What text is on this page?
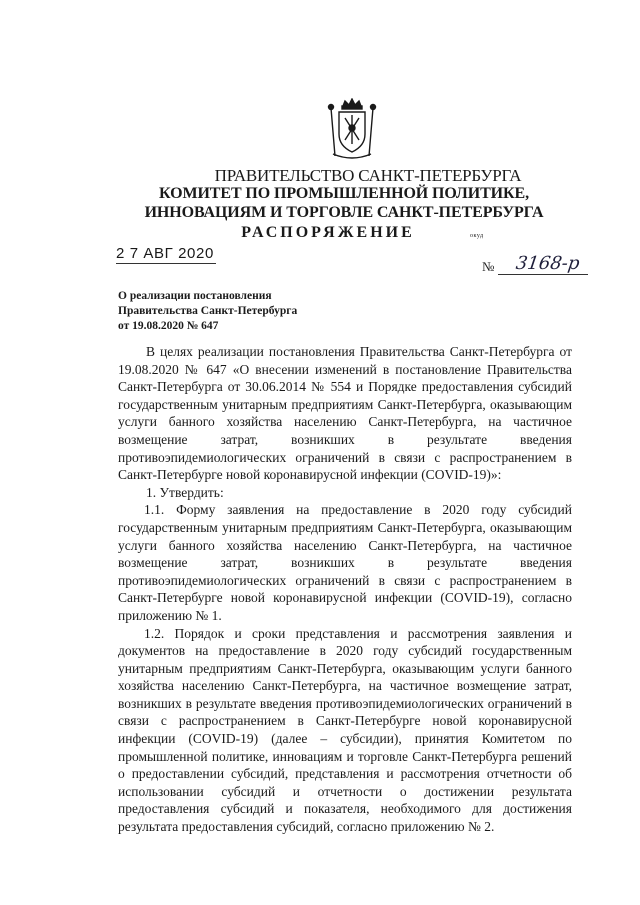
ПРАВИТЕЛЬСТВО САНКТ-ПЕТЕРБУРГА
КОМИТЕТ ПО ПРОМЫШЛЕННОЙ ПОЛИТИКЕ,
ИННОВАЦИЯМ И ТОРГОВЛЕ САНКТ-ПЕТЕРБУРГА
РАСПОРЯЖЕНИЕ	окуд
2 7 АВГ 2020
№ 3168-р
О реализации постановления
Правительства Санкт-Петербурга
от 19.08.2020 № 647

В целях реализации постановления Правительства Санкт-Петербурга от 19.08.2020 № 647 «О внесении изменений в постановление Правительства Санкт-Петербурга от 30.06.2014 № 554 и Порядке предоставления субсидий государственным унитарным предприятиям Санкт-Петербурга, оказывающим услуги банного хозяйства населению Санкт-Петербурга, на частичное возмещение затрат, возникших в результате введения противоэпидемиологических ограничений в связи с распространением в Санкт-Петербурге новой коронавирусной инфекции (COVID-19)»:

1. Утвердить:

1.1. Форму заявления на предоставление в 2020 году субсидий государственным унитарным предприятиям Санкт-Петербурга, оказывающим услуги банного хозяйства населению Санкт-Петербурга, на частичное возмещение затрат, возникших в результате введения противоэпидемиологических ограничений в связи с распространением в Санкт-Петербурге новой коронавирусной инфекции (COVID-19), согласно приложению № 1.

1.2. Порядок и сроки представления и рассмотрения заявления и документов на предоставление в 2020 году субсидий государственным унитарным предприятиям Санкт-Петербурга, оказывающим услуги банного хозяйства населению Санкт-Петербурга, на частичное возмещение затрат, возникших в результате введения противоэпидемиологических ограничений в связи с распространением в Санкт-Петербурге новой коронавирусной инфекции (COVID-19) (далее – субсидии), принятия Комитетом по промышленной политике, инновациям и торговле Санкт-Петербурга решений о предоставлении субсидий, представления и рассмотрения отчетности об использовании субсидий и отчетности о достижении результата предоставления субсидий и показателя, необходимого для достижения результата предоставления субсидий, согласно приложению № 2.
